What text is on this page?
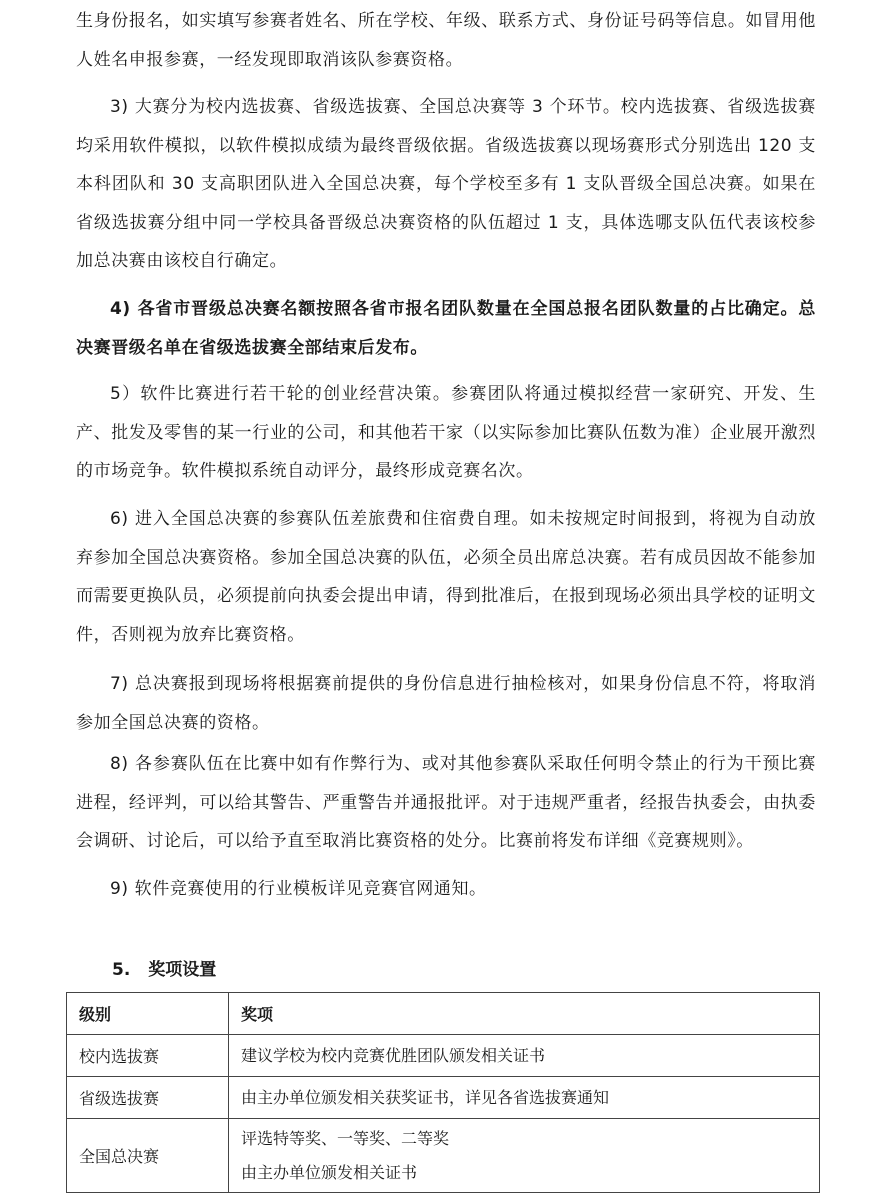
生身份报名，如实填写参赛者姓名、所在学校、年级、联系方式、身份证号码等信息。如冒用他人姓名申报参赛，一经发现即取消该队参赛资格。

3) 大赛分为校内选拔赛、省级选拔赛、全国总决赛等 3 个环节。校内选拔赛、省级选拔赛均采用软件模拟，以软件模拟成绩为最终晋级依据。省级选拔赛以现场赛形式分别选出 120 支本科团队和 30 支高职团队进入全国总决赛，每个学校至多有 1 支队晋级全国总决赛。如果在省级选拔赛分组中同一学校具备晋级总决赛资格的队伍超过 1 支，具体选哪支队伍代表该校参加总决赛由该校自行确定。

4) 各省市晋级总决赛名额按照各省市报名团队数量在全国总报名团队数量的占比确定。总决赛晋级名单在省级选拔赛全部结束后发布。

5）软件比赛进行若干轮的创业经营决策。参赛团队将通过模拟经营一家研究、开发、生产、批发及零售的某一行业的公司，和其他若干家（以实际参加比赛队伍数为准）企业展开激烈的市场竞争。软件模拟系统自动评分，最终形成竞赛名次。

6) 进入全国总决赛的参赛队伍差旅费和住宿费自理。如未按规定时间报到，将视为自动放弃参加全国总决赛资格。参加全国总决赛的队伍，必须全员出席总决赛。若有成员因故不能参加而需要更换队员，必须提前向执委会提出申请，得到批准后，在报到现场必须出具学校的证明文件，否则视为放弃比赛资格。

7) 总决赛报到现场将根据赛前提供的身份信息进行抽检核对，如果身份信息不符，将取消参加全国总决赛的资格。

8) 各参赛队伍在比赛中如有作弊行为、或对其他参赛队采取任何明令禁止的行为干预比赛进程，经评判，可以给其警告、严重警告并通报批评。对于违规严重者，经报告执委会，由执委会调研、讨论后，可以给予直至取消比赛资格的处分。比赛前将发布详细《竞赛规则》。

9) 软件竞赛使用的行业模板详见竞赛官网通知。

5. 奖项设置

级别	奖项
校内选拔赛	建议学校为校内竞赛优胜团队颁发相关证书

省级选拔赛	由主办单位颁发相关获奖证书，详见各省选拔赛通知

全国总决赛	评选特等奖、一等奖、二等奖
由主办单位颁发相关证书
